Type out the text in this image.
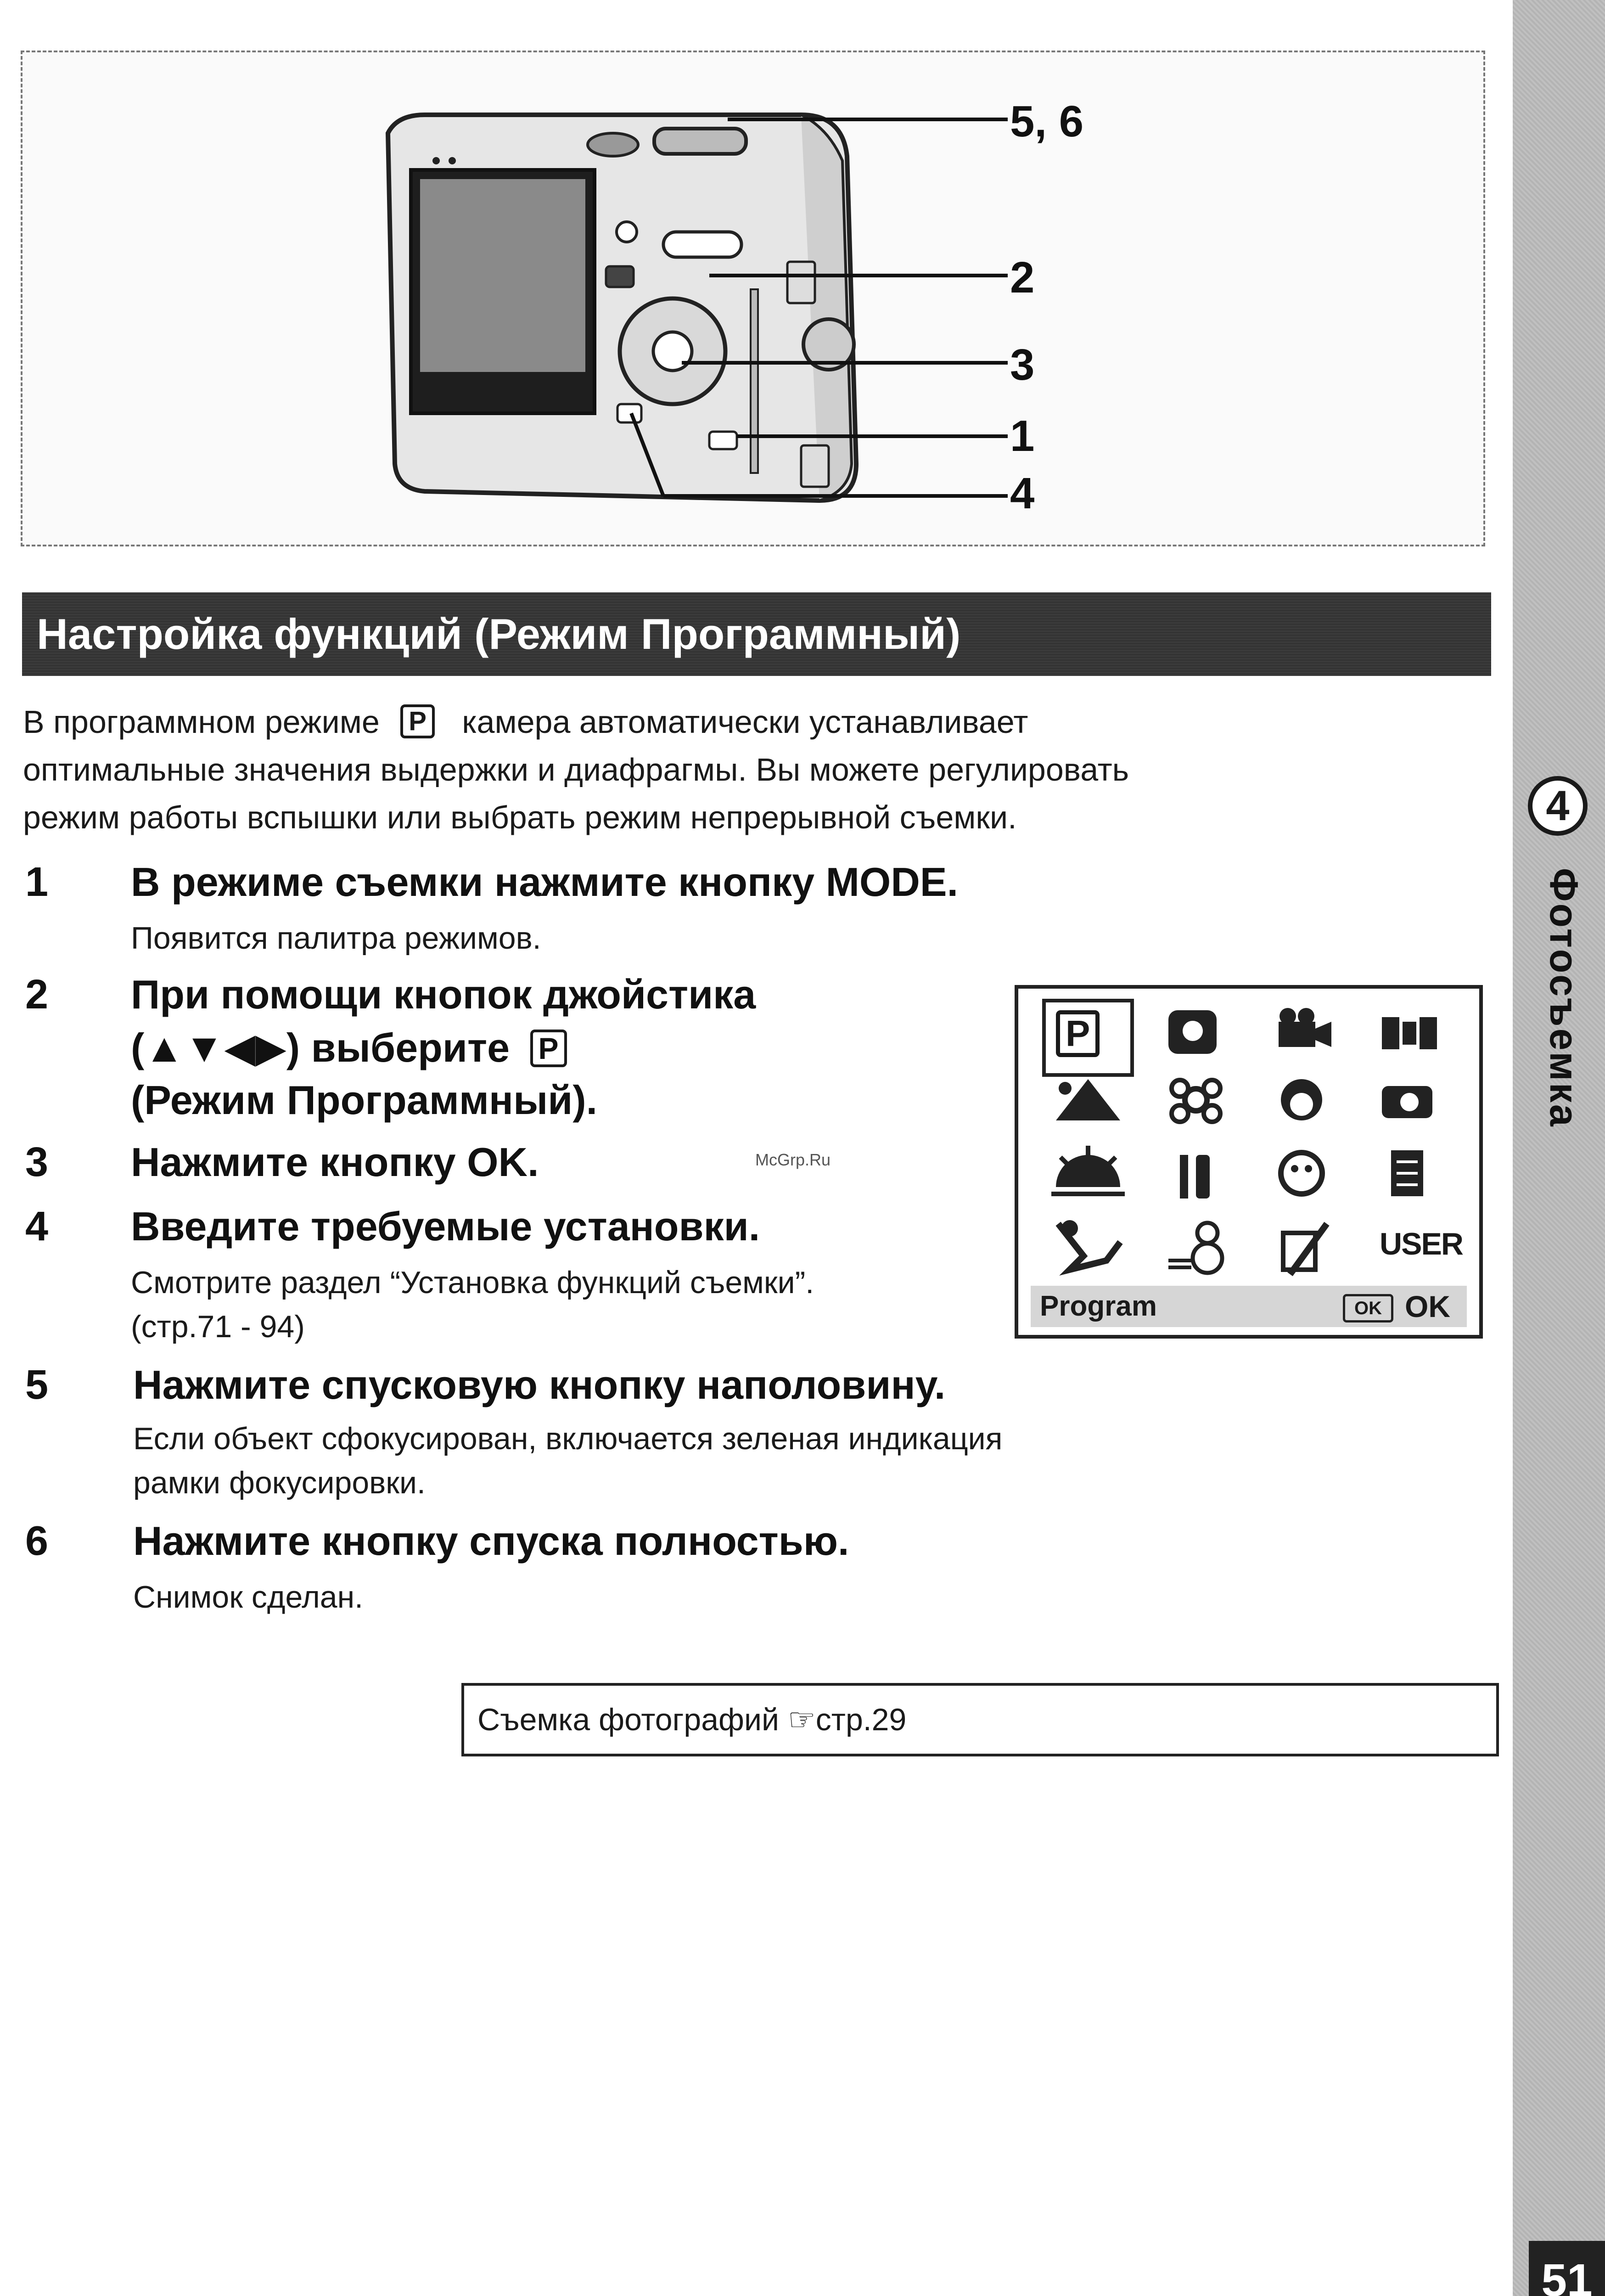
4
Фотосъемка
51
5, 6
2
3
1
4
Настройка функций (Режим Программный)
В программном режиме P камера автоматически устанавливает
оптимальные значения выдержки и диафрагмы. Вы можете регулировать
режим работы вспышки или выбрать режим непрерывной съемки.
1 В режиме съемки нажмите кнопку MODE.
Появится палитра режимов.
2 При помощи кнопок джойстика
(▲▼◀▶) выберите P
(Режим Программный).
3 Нажмите кнопку OK.
4 Введите требуемые установки.
Смотрите раздел “Установка функций съемки”.
(стр.71 - 94)
5 Нажмите спусковую кнопку наполовину.
Если объект сфокусирован, включается зеленая индикация
рамки фокусировки.
6 Нажмите кнопку спуска полностью.
Снимок сделан.
P
USER
Program	OK OK
McGrp.Ru
Съемка фотографий ☞стр.29
